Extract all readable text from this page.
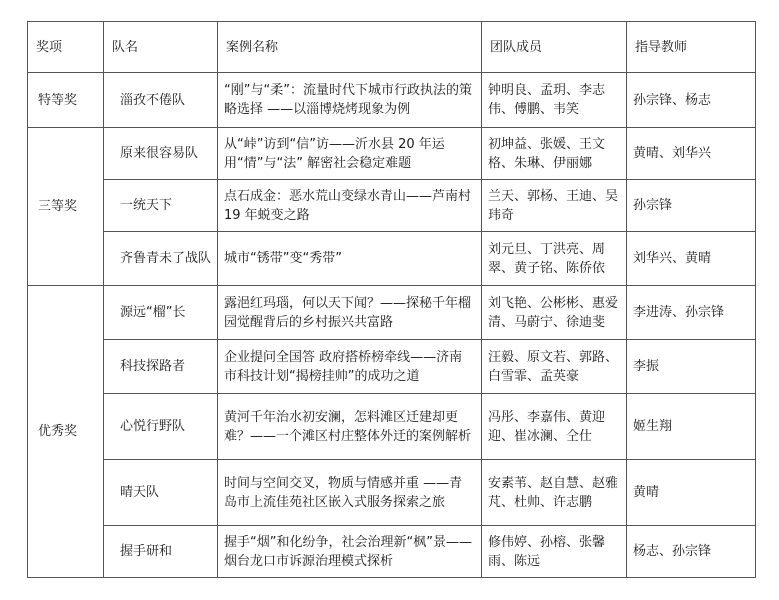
奖项	队名	案例名称	团队成员	指导教师
特等奖	淄孜不倦队	“刚”与“柔”：流量时代下城市行政执法的策略选择 ——以淄博烧烤现象为例	钟明良、孟玥、李志伟、傅鹏、韦笑	孙宗锋、杨志
三等奖	原来很容易队	从“峠”访到“信”访——沂水县 20 年运用“情”与“法” 解密社会稳定难题	初坤益、张媛、王文格、朱琳、伊丽娜	黄晴、刘华兴
	一统天下	点石成金：恶水荒山变绿水青山——芦南村 19 年蜕变之路	兰天、郭杨、王迪、吴玮奇	孙宗锋
	齐鲁青未了战队	城市“锈带”变“秀带”	刘元旦、丁洪亮、周翠、黄子铭、陈侨依	刘华兴、黄晴
优秀奖	源远“榴”长	露浥红玛瑙，何以天下闻？——探秘千年榴园觉醒背后的乡村振兴共富路	刘飞艳、公彬彬、惠爱清、马蔚宁、徐迪斐	李进涛、孙宗锋
	科技探路者	企业提问全国答 政府搭桥榜牵线——济南市科技计划“揭榜挂帅”的成功之道	汪毅、原文若、郭路、白雪霏、孟英豪	李振
	心悦行野队	黄河千年治水初安澜，怎料滩区迁建却更难？——一个滩区村庄整体外迁的案例解析	冯彤、李嘉伟、黄迎迎、崔冰澜、仝仕	姬生翔
	晴天队	时间与空间交叉，物质与情感并重 ——青岛市上流佳苑社区嵌入式服务探索之旅	安素苇、赵自慧、赵雅芃、杜帅、许志鹏	黄晴
	握手研和	握手“烟”和化纷争，社会治理新“枫”景——烟台龙口市诉源治理模式探析	修伟婷、孙榕、张馨雨、陈远	杨志、孙宗锋
